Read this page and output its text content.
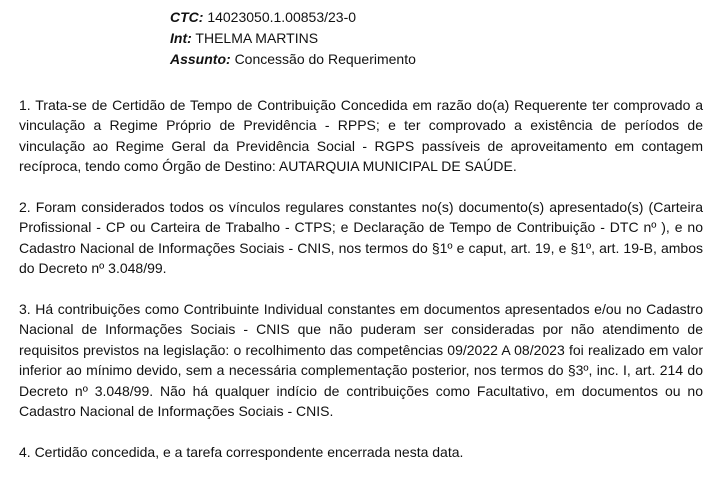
CTC: 14023050.1.00853/23-0
Int: THELMA MARTINS
Assunto: Concessão do Requerimento

1. Trata-se de Certidão de Tempo de Contribuição Concedida em razão do(a) Requerente ter comprovado a vinculação a Regime Próprio de Previdência - RPPS; e ter comprovado a existência de períodos de vinculação ao Regime Geral da Previdência Social - RGPS passíveis de aproveitamento em contagem recíproca, tendo como Órgão de Destino: AUTARQUIA MUNICIPAL DE SAÚDE.

2. Foram considerados todos os vínculos regulares constantes no(s) documento(s) apresentado(s) (Carteira Profissional - CP ou Carteira de Trabalho - CTPS; e Declaração de Tempo de Contribuição - DTC nº ), e no Cadastro Nacional de Informações Sociais - CNIS, nos termos do §1º e caput, art. 19, e §1º, art. 19-B, ambos do Decreto nº 3.048/99.

3. Há contribuições como Contribuinte Individual constantes em documentos apresentados e/ou no Cadastro Nacional de Informações Sociais - CNIS que não puderam ser consideradas por não atendimento de requisitos previstos na legislação: o recolhimento das competências 09/2022 A 08/2023 foi realizado em valor inferior ao mínimo devido, sem a necessária complementação posterior, nos termos do §3º, inc. I, art. 214 do Decreto nº 3.048/99. Não há qualquer indício de contribuições como Facultativo, em documentos ou no Cadastro Nacional de Informações Sociais - CNIS.

4. Certidão concedida, e a tarefa correspondente encerrada nesta data.
